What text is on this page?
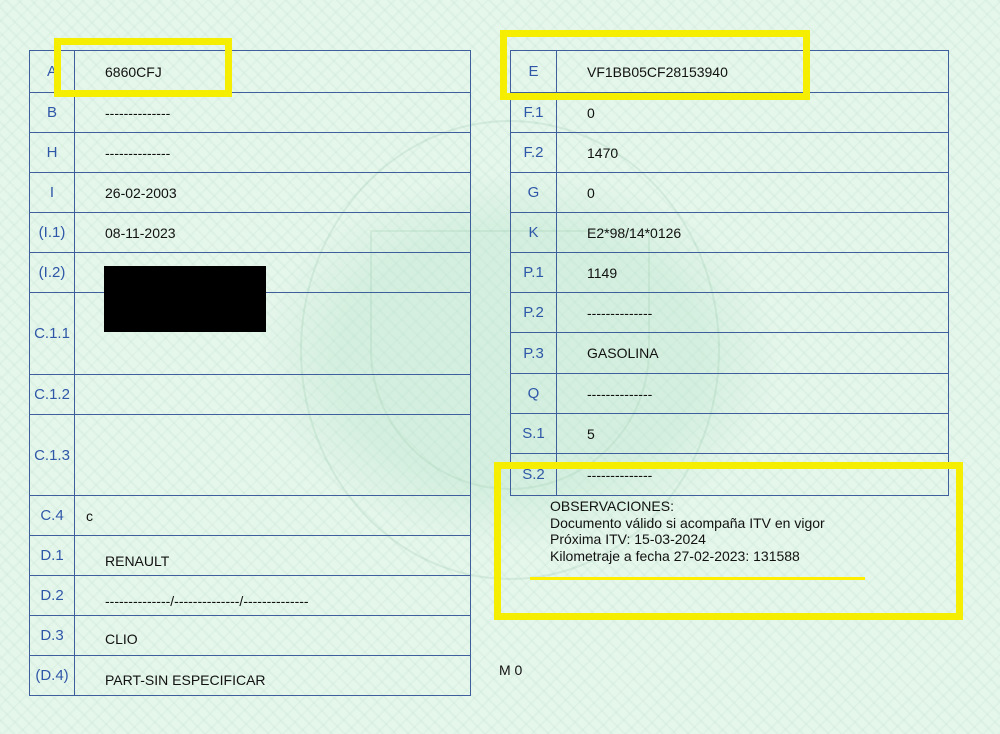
A	6860CFJ
B	--------------
H	--------------
I	26-02-2003
(I.1)	08-11-2023
(I.2)
C.1.1
C.1.2
C.1.3
C.4	c
D.1	RENAULT
D.2	--------------/--------------/--------------
D.3	CLIO
(D.4)	PART-SIN ESPECIFICAR
E	VF1BB05CF28153940
F.1	0
F.2	1470
G	0
K	E2*98/14*0126
P.1	1149
P.2	--------------
P.3	GASOLINA
Q	--------------
S.1	5
S.2	--------------
OBSERVACIONES:
Documento válido si acompaña ITV en vigor
Próxima ITV: 15-03-2024
Kilometraje a fecha 27-02-2023: 131588
M 0
